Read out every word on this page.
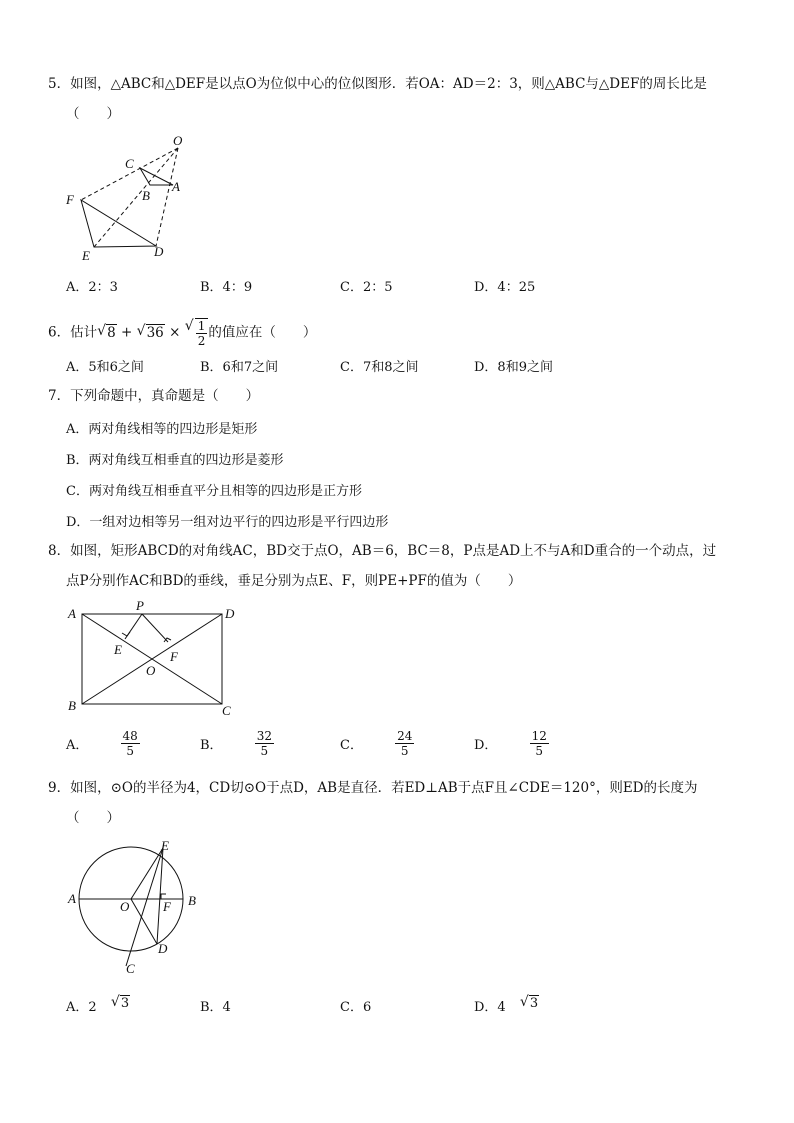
5．如图，△ABC和△DEF是以点O为位似中心的位似图形．若OA：AD＝2：3，则△ABC与△DEF的周长比是
（　　）
O
C
B
A
F
E	D
A．2：3	B．4：9	C．2：5	D．4：25
6．估计 √ 8 + √ 36 × √ $\frac{1}{2}$ 的值应在（　　）
A．5和6之间	B．6和7之间	C．7和8之间	D．8和9之间
7．下列命题中，真命题是（　　）
A．两对角线相等的四边形是矩形
B．两对角线互相垂直的四边形是菱形
C．两对角线互相垂直平分且相等的四边形是正方形
D．一组对边相等另一组对边平行的四边形是平行四边形
8．如图，矩形ABCD的对角线AC，BD交于点O，AB＝6，BC＝8，P点是AD上不与A和D重合的一个动点，过
点P分别作AC和BD的垂线，垂足分别为点E、F，则PE+PF的值为（　　）
A
P
D
E	F
O
B	C
A．	$\frac{48}{5}$	B．	$\frac{32}{5}$	C．	$\frac{24}{5}$	D．	$\frac{12}{5}$
9．如图，⊙O的半径为4，CD切⊙O于点D，AB是直径．若ED⊥AB于点F且∠CDE＝120°，则ED的长度为
（　　）
E
A
O	F B
D
C
A．2 √ 3	B．4	C．6	D．4 √ 3
